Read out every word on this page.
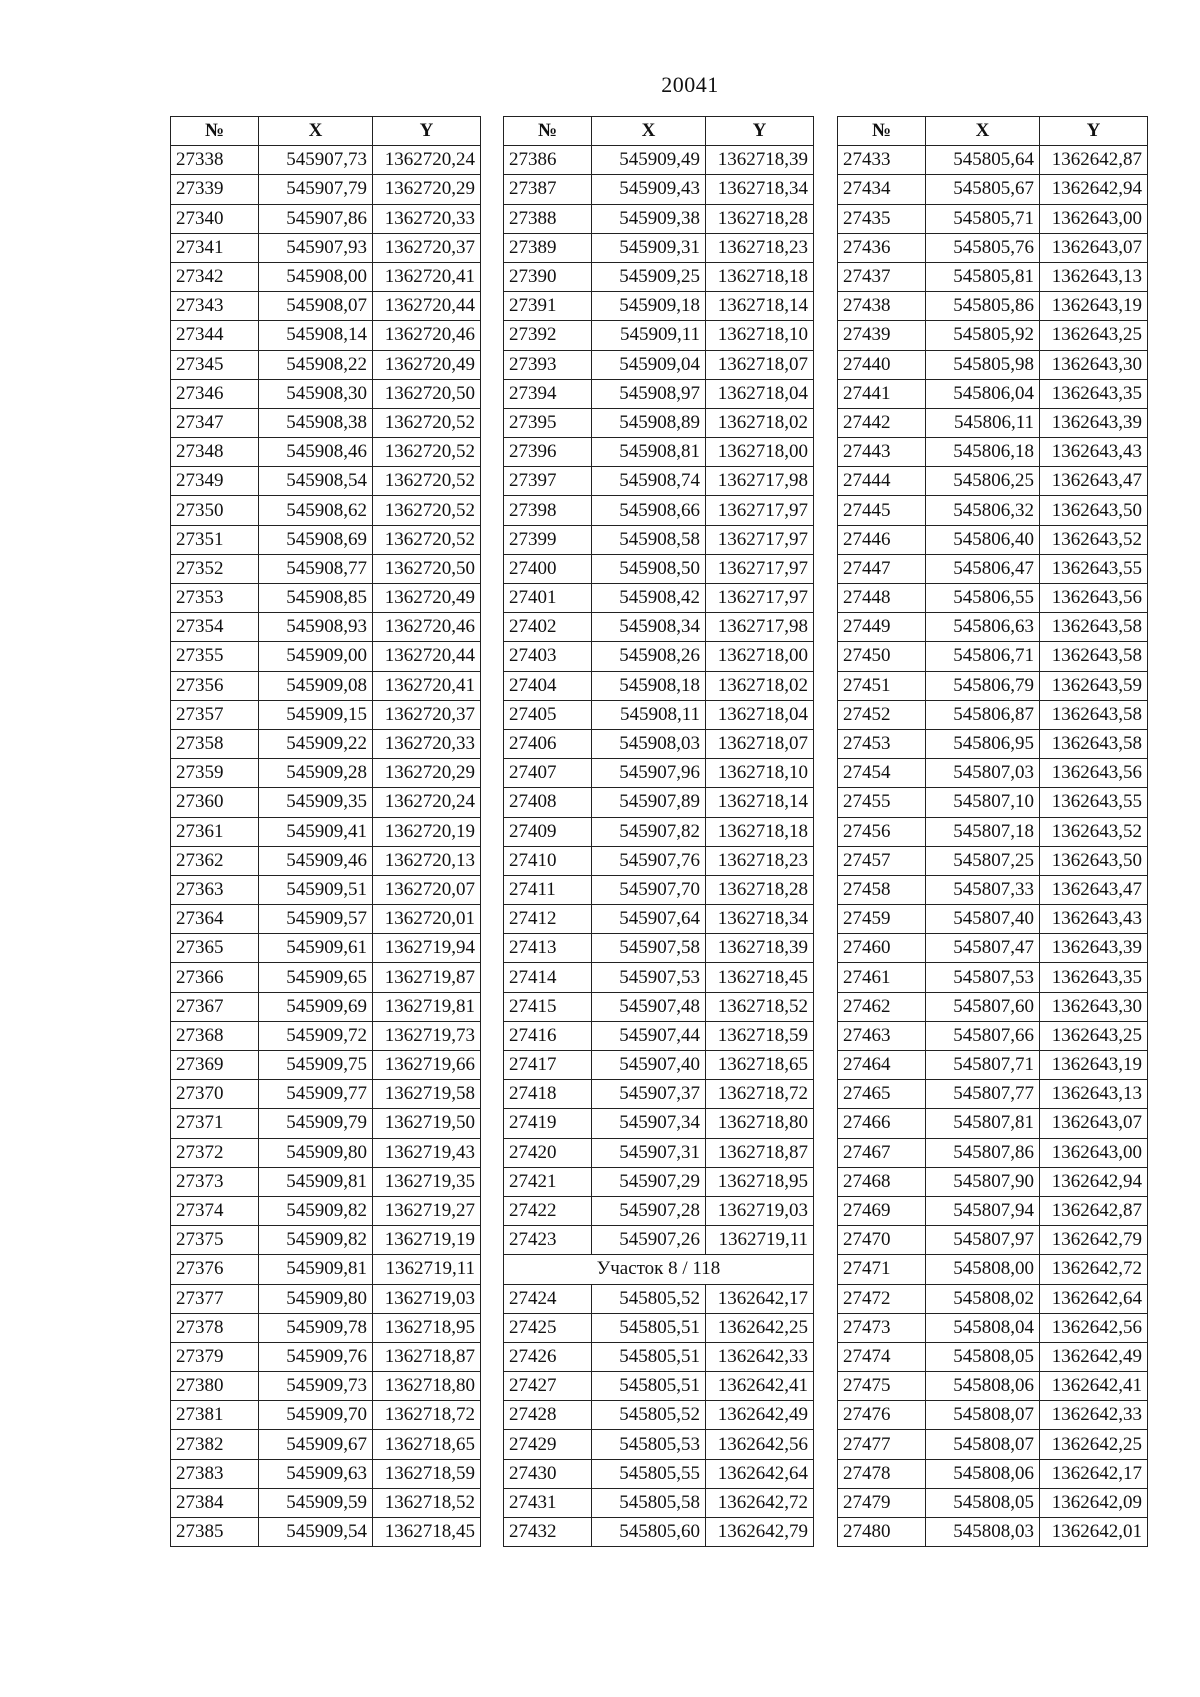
20041
№	X	Y
27338	545907,73	1362720,24
27339	545907,79	1362720,29
27340	545907,86	1362720,33
27341	545907,93	1362720,37
27342	545908,00	1362720,41
27343	545908,07	1362720,44
27344	545908,14	1362720,46
27345	545908,22	1362720,49
27346	545908,30	1362720,50
27347	545908,38	1362720,52
27348	545908,46	1362720,52
27349	545908,54	1362720,52
27350	545908,62	1362720,52
27351	545908,69	1362720,52
27352	545908,77	1362720,50
27353	545908,85	1362720,49
27354	545908,93	1362720,46
27355	545909,00	1362720,44
27356	545909,08	1362720,41
27357	545909,15	1362720,37
27358	545909,22	1362720,33
27359	545909,28	1362720,29
27360	545909,35	1362720,24
27361	545909,41	1362720,19
27362	545909,46	1362720,13
27363	545909,51	1362720,07
27364	545909,57	1362720,01
27365	545909,61	1362719,94
27366	545909,65	1362719,87
27367	545909,69	1362719,81
27368	545909,72	1362719,73
27369	545909,75	1362719,66
27370	545909,77	1362719,58
27371	545909,79	1362719,50
27372	545909,80	1362719,43
27373	545909,81	1362719,35
27374	545909,82	1362719,27
27375	545909,82	1362719,19
27376	545909,81	1362719,11
27377	545909,80	1362719,03
27378	545909,78	1362718,95
27379	545909,76	1362718,87
27380	545909,73	1362718,80
27381	545909,70	1362718,72
27382	545909,67	1362718,65
27383	545909,63	1362718,59
27384	545909,59	1362718,52
27385	545909,54	1362718,45
№	X	Y
27386	545909,49	1362718,39
27387	545909,43	1362718,34
27388	545909,38	1362718,28
27389	545909,31	1362718,23
27390	545909,25	1362718,18
27391	545909,18	1362718,14
27392	545909,11	1362718,10
27393	545909,04	1362718,07
27394	545908,97	1362718,04
27395	545908,89	1362718,02
27396	545908,81	1362718,00
27397	545908,74	1362717,98
27398	545908,66	1362717,97
27399	545908,58	1362717,97
27400	545908,50	1362717,97
27401	545908,42	1362717,97
27402	545908,34	1362717,98
27403	545908,26	1362718,00
27404	545908,18	1362718,02
27405	545908,11	1362718,04
27406	545908,03	1362718,07
27407	545907,96	1362718,10
27408	545907,89	1362718,14
27409	545907,82	1362718,18
27410	545907,76	1362718,23
27411	545907,70	1362718,28
27412	545907,64	1362718,34
27413	545907,58	1362718,39
27414	545907,53	1362718,45
27415	545907,48	1362718,52
27416	545907,44	1362718,59
27417	545907,40	1362718,65
27418	545907,37	1362718,72
27419	545907,34	1362718,80
27420	545907,31	1362718,87
27421	545907,29	1362718,95
27422	545907,28	1362719,03
27423	545907,26	1362719,11
Участок 8 / 118		
27424	545805,52	1362642,17
27425	545805,51	1362642,25
27426	545805,51	1362642,33
27427	545805,51	1362642,41
27428	545805,52	1362642,49
27429	545805,53	1362642,56
27430	545805,55	1362642,64
27431	545805,58	1362642,72
27432	545805,60	1362642,79
№	X	Y
27433	545805,64	1362642,87
27434	545805,67	1362642,94
27435	545805,71	1362643,00
27436	545805,76	1362643,07
27437	545805,81	1362643,13
27438	545805,86	1362643,19
27439	545805,92	1362643,25
27440	545805,98	1362643,30
27441	545806,04	1362643,35
27442	545806,11	1362643,39
27443	545806,18	1362643,43
27444	545806,25	1362643,47
27445	545806,32	1362643,50
27446	545806,40	1362643,52
27447	545806,47	1362643,55
27448	545806,55	1362643,56
27449	545806,63	1362643,58
27450	545806,71	1362643,58
27451	545806,79	1362643,59
27452	545806,87	1362643,58
27453	545806,95	1362643,58
27454	545807,03	1362643,56
27455	545807,10	1362643,55
27456	545807,18	1362643,52
27457	545807,25	1362643,50
27458	545807,33	1362643,47
27459	545807,40	1362643,43
27460	545807,47	1362643,39
27461	545807,53	1362643,35
27462	545807,60	1362643,30
27463	545807,66	1362643,25
27464	545807,71	1362643,19
27465	545807,77	1362643,13
27466	545807,81	1362643,07
27467	545807,86	1362643,00
27468	545807,90	1362642,94
27469	545807,94	1362642,87
27470	545807,97	1362642,79
27471	545808,00	1362642,72
27472	545808,02	1362642,64
27473	545808,04	1362642,56
27474	545808,05	1362642,49
27475	545808,06	1362642,41
27476	545808,07	1362642,33
27477	545808,07	1362642,25
27478	545808,06	1362642,17
27479	545808,05	1362642,09
27480	545808,03	1362642,01
